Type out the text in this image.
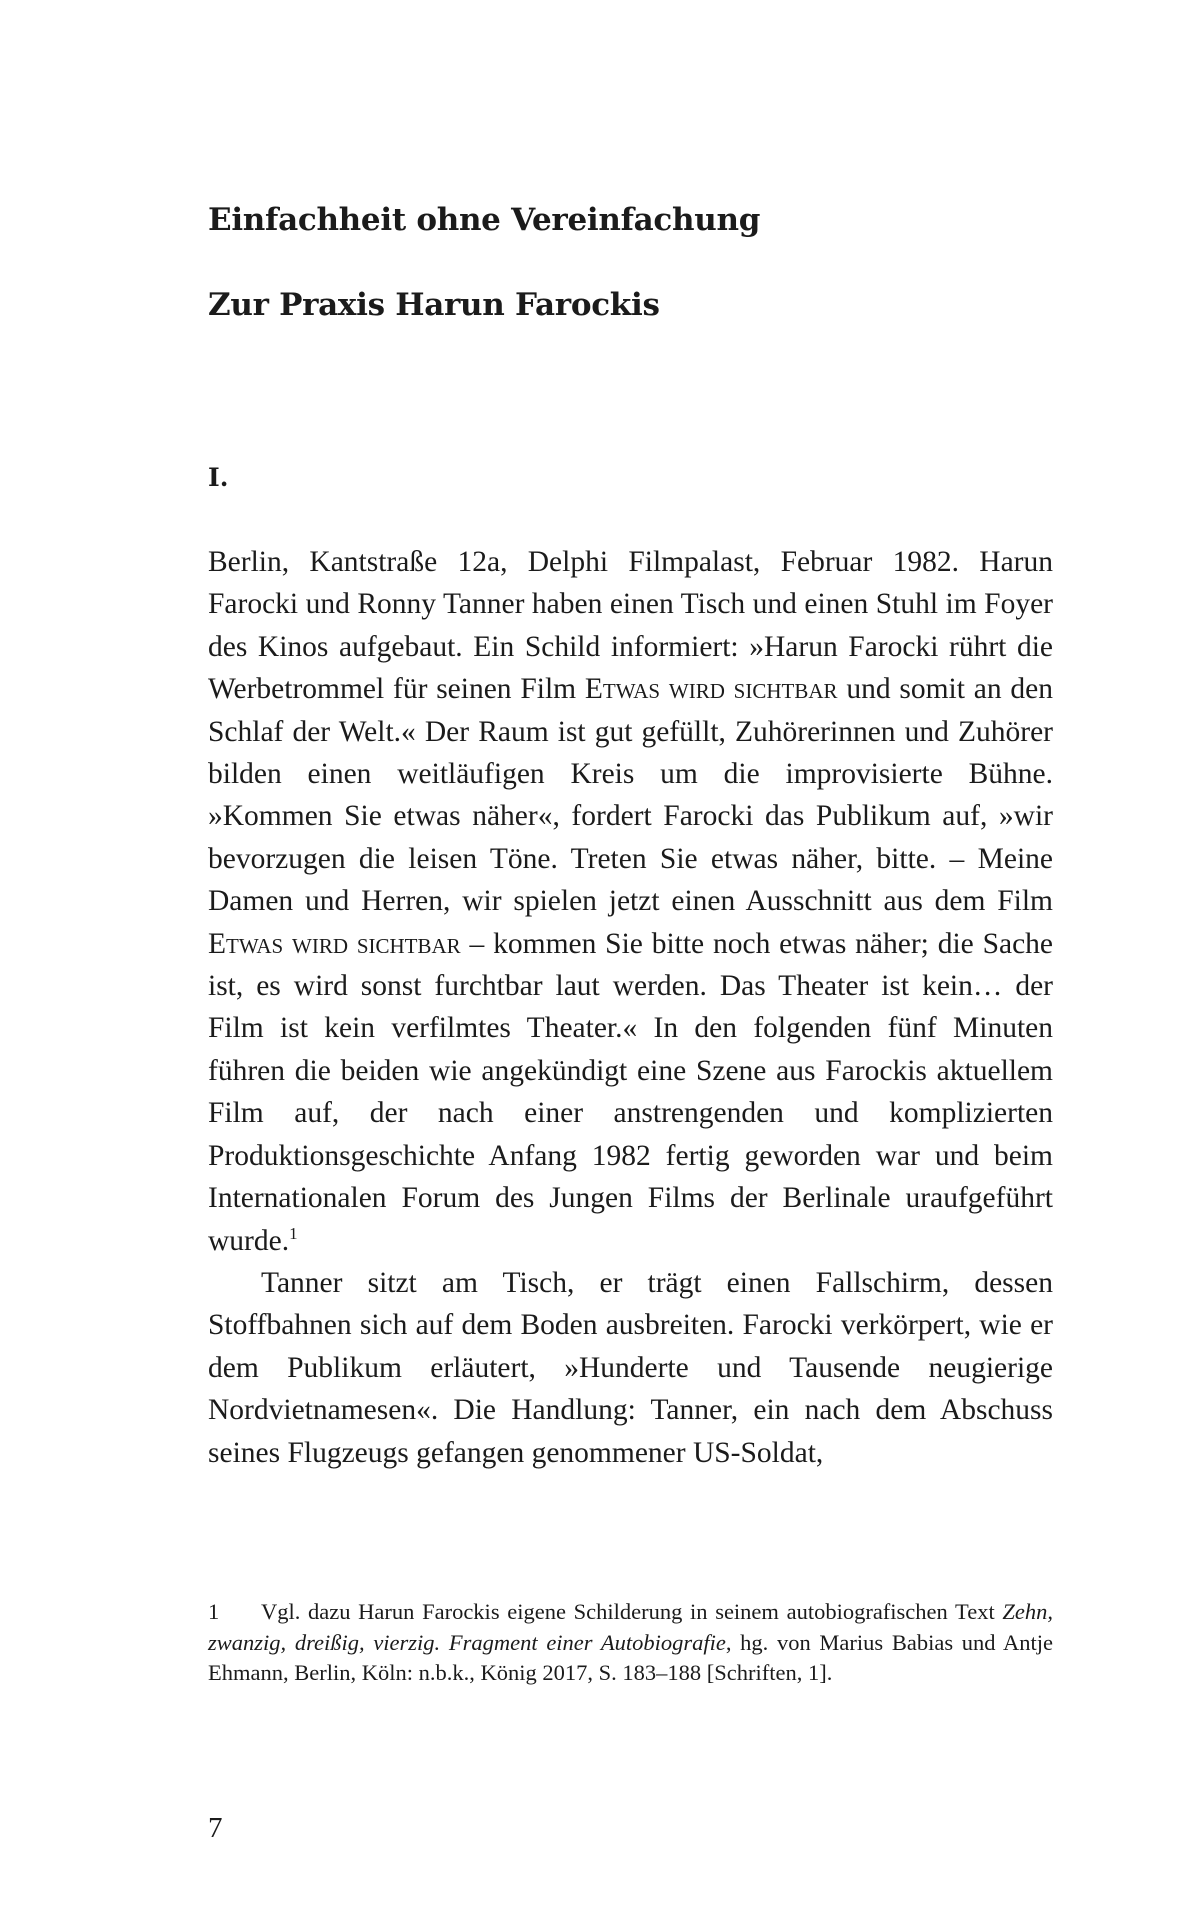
Einfachheit ohne Vereinfachung
Zur Praxis Harun Farockis
I.

Berlin, Kantstraße 12a, Delphi Filmpalast, Februar 1982. Harun Farocki und Ronny Tanner haben einen Tisch und einen Stuhl im Foyer des Kinos aufgebaut. Ein Schild informiert: »Harun Farocki rührt die Werbetrommel für seinen Film Etwas wird sichtbar und somit an den Schlaf der Welt.« Der Raum ist gut gefüllt, Zuhörerinnen und Zuhörer bilden einen weitläufigen Kreis um die improvisierte Bühne. »Kommen Sie etwas näher«, fordert Farocki das Publikum auf, »wir bevorzugen die leisen Töne. Treten Sie etwas näher, bitte. – Meine Damen und Herren, wir spielen jetzt einen Ausschnitt aus dem Film Etwas wird sichtbar – kommen Sie bitte noch etwas näher; die Sache ist, es wird sonst furchtbar laut werden. Das Theater ist kein… der Film ist kein verfilmtes Theater.« In den folgenden fünf Minuten führen die beiden wie angekündigt eine Szene aus Farockis aktuellem Film auf, der nach einer anstrengenden und komplizierten Produktionsgeschichte Anfang 1982 fertig geworden war und beim Internationalen Forum des Jungen Films der Berlinale uraufgeführt wurde.$^1$

Tanner sitzt am Tisch, er trägt einen Fallschirm, dessen Stoffbahnen sich auf dem Boden ausbreiten. Farocki verkörpert, wie er dem Publikum erläutert, »Hunderte und Tausende neugierige Nordvietnamesen«. Die Handlung: Tanner, ein nach dem Abschuss seines Flugzeugs gefangen genommener US-Soldat,

1 Vgl. dazu Harun Farockis eigene Schilderung in seinem autobiografischen Text Zehn, zwanzig, dreißig, vierzig. Fragment einer Autobiografie, hg. von Marius Babias und Antje Ehmann, Berlin, Köln: n.b.k., König 2017, S. 183–188 [Schriften, 1].

7
